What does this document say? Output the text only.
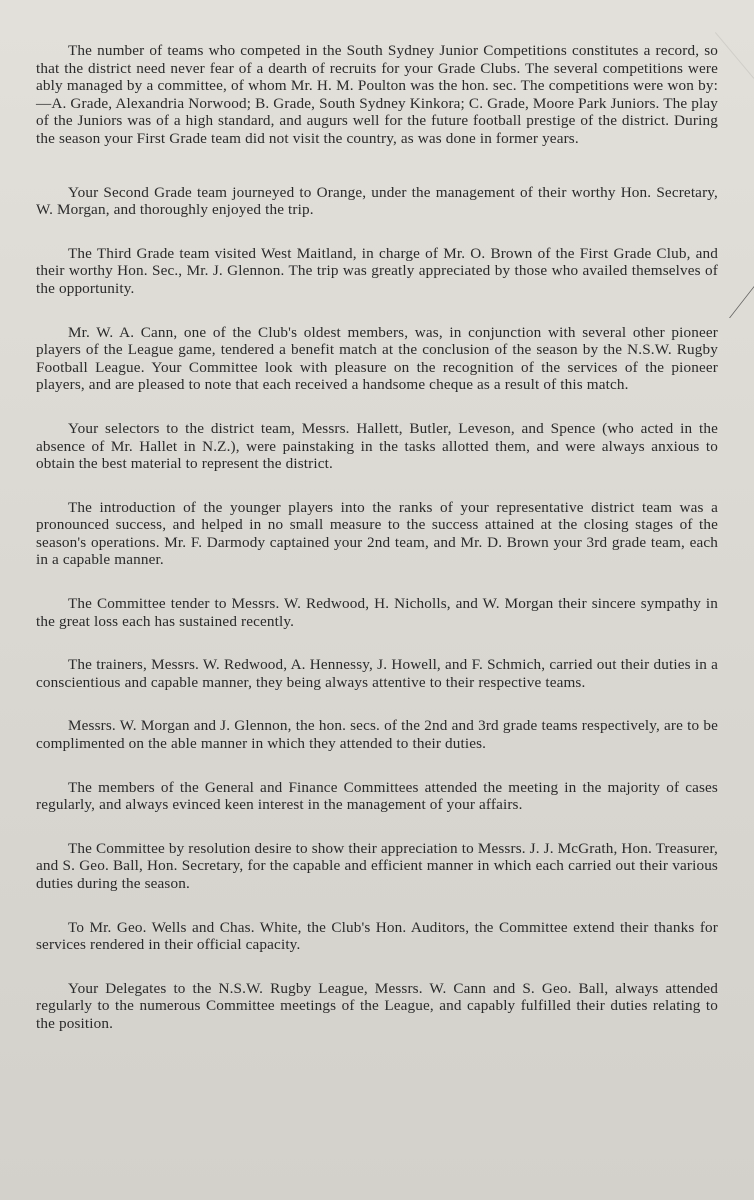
The number of teams who competed in the South Sydney Junior Competitions constitutes a record, so that the district need never fear of a dearth of recruits for your Grade Clubs. The several competitions were ably managed by a committee, of whom Mr. H. M. Poulton was the hon. sec. The competitions were won by:—A. Grade, Alexandria Norwood; B. Grade, South Sydney Kinkora; C. Grade, Moore Park Juniors. The play of the Juniors was of a high standard, and augurs well for the future football prestige of the district. During the season your First Grade team did not visit the country, as was done in former years.

Your Second Grade team journeyed to Orange, under the management of their worthy Hon. Secretary, W. Morgan, and thoroughly enjoyed the trip.

The Third Grade team visited West Maitland, in charge of Mr. O. Brown of the First Grade Club, and their worthy Hon. Sec., Mr. J. Glennon. The trip was greatly appreciated by those who availed themselves of the opportunity.

Mr. W. A. Cann, one of the Club's oldest members, was, in conjunction with several other pioneer players of the League game, tendered a benefit match at the conclusion of the season by the N.S.W. Rugby Football League. Your Committee look with pleasure on the recognition of the services of the pioneer players, and are pleased to note that each received a handsome cheque as a result of this match.

Your selectors to the district team, Messrs. Hallett, Butler, Leveson, and Spence (who acted in the absence of Mr. Hallet in N.Z.), were painstaking in the tasks allotted them, and were always anxious to obtain the best material to represent the district.

The introduction of the younger players into the ranks of your representative district team was a pronounced success, and helped in no small measure to the success attained at the closing stages of the season's operations. Mr. F. Darmody captained your 2nd team, and Mr. D. Brown your 3rd grade team, each in a capable manner.

The Committee tender to Messrs. W. Redwood, H. Nicholls, and W. Morgan their sincere sympathy in the great loss each has sustained recently.

The trainers, Messrs. W. Redwood, A. Hennessy, J. Howell, and F. Schmich, carried out their duties in a conscientious and capable manner, they being always attentive to their respective teams.

Messrs. W. Morgan and J. Glennon, the hon. secs. of the 2nd and 3rd grade teams respectively, are to be complimented on the able manner in which they attended to their duties.

The members of the General and Finance Committees attended the meeting in the majority of cases regularly, and always evinced keen interest in the management of your affairs.

The Committee by resolution desire to show their appreciation to Messrs. J. J. McGrath, Hon. Treasurer, and S. Geo. Ball, Hon. Secretary, for the capable and efficient manner in which each carried out their various duties during the season.

To Mr. Geo. Wells and Chas. White, the Club's Hon. Auditors, the Committee extend their thanks for services rendered in their official capacity.

Your Delegates to the N.S.W. Rugby League, Messrs. W. Cann and S. Geo. Ball, always attended regularly to the numerous Committee meetings of the League, and capably fulfilled their duties relating to the position.
